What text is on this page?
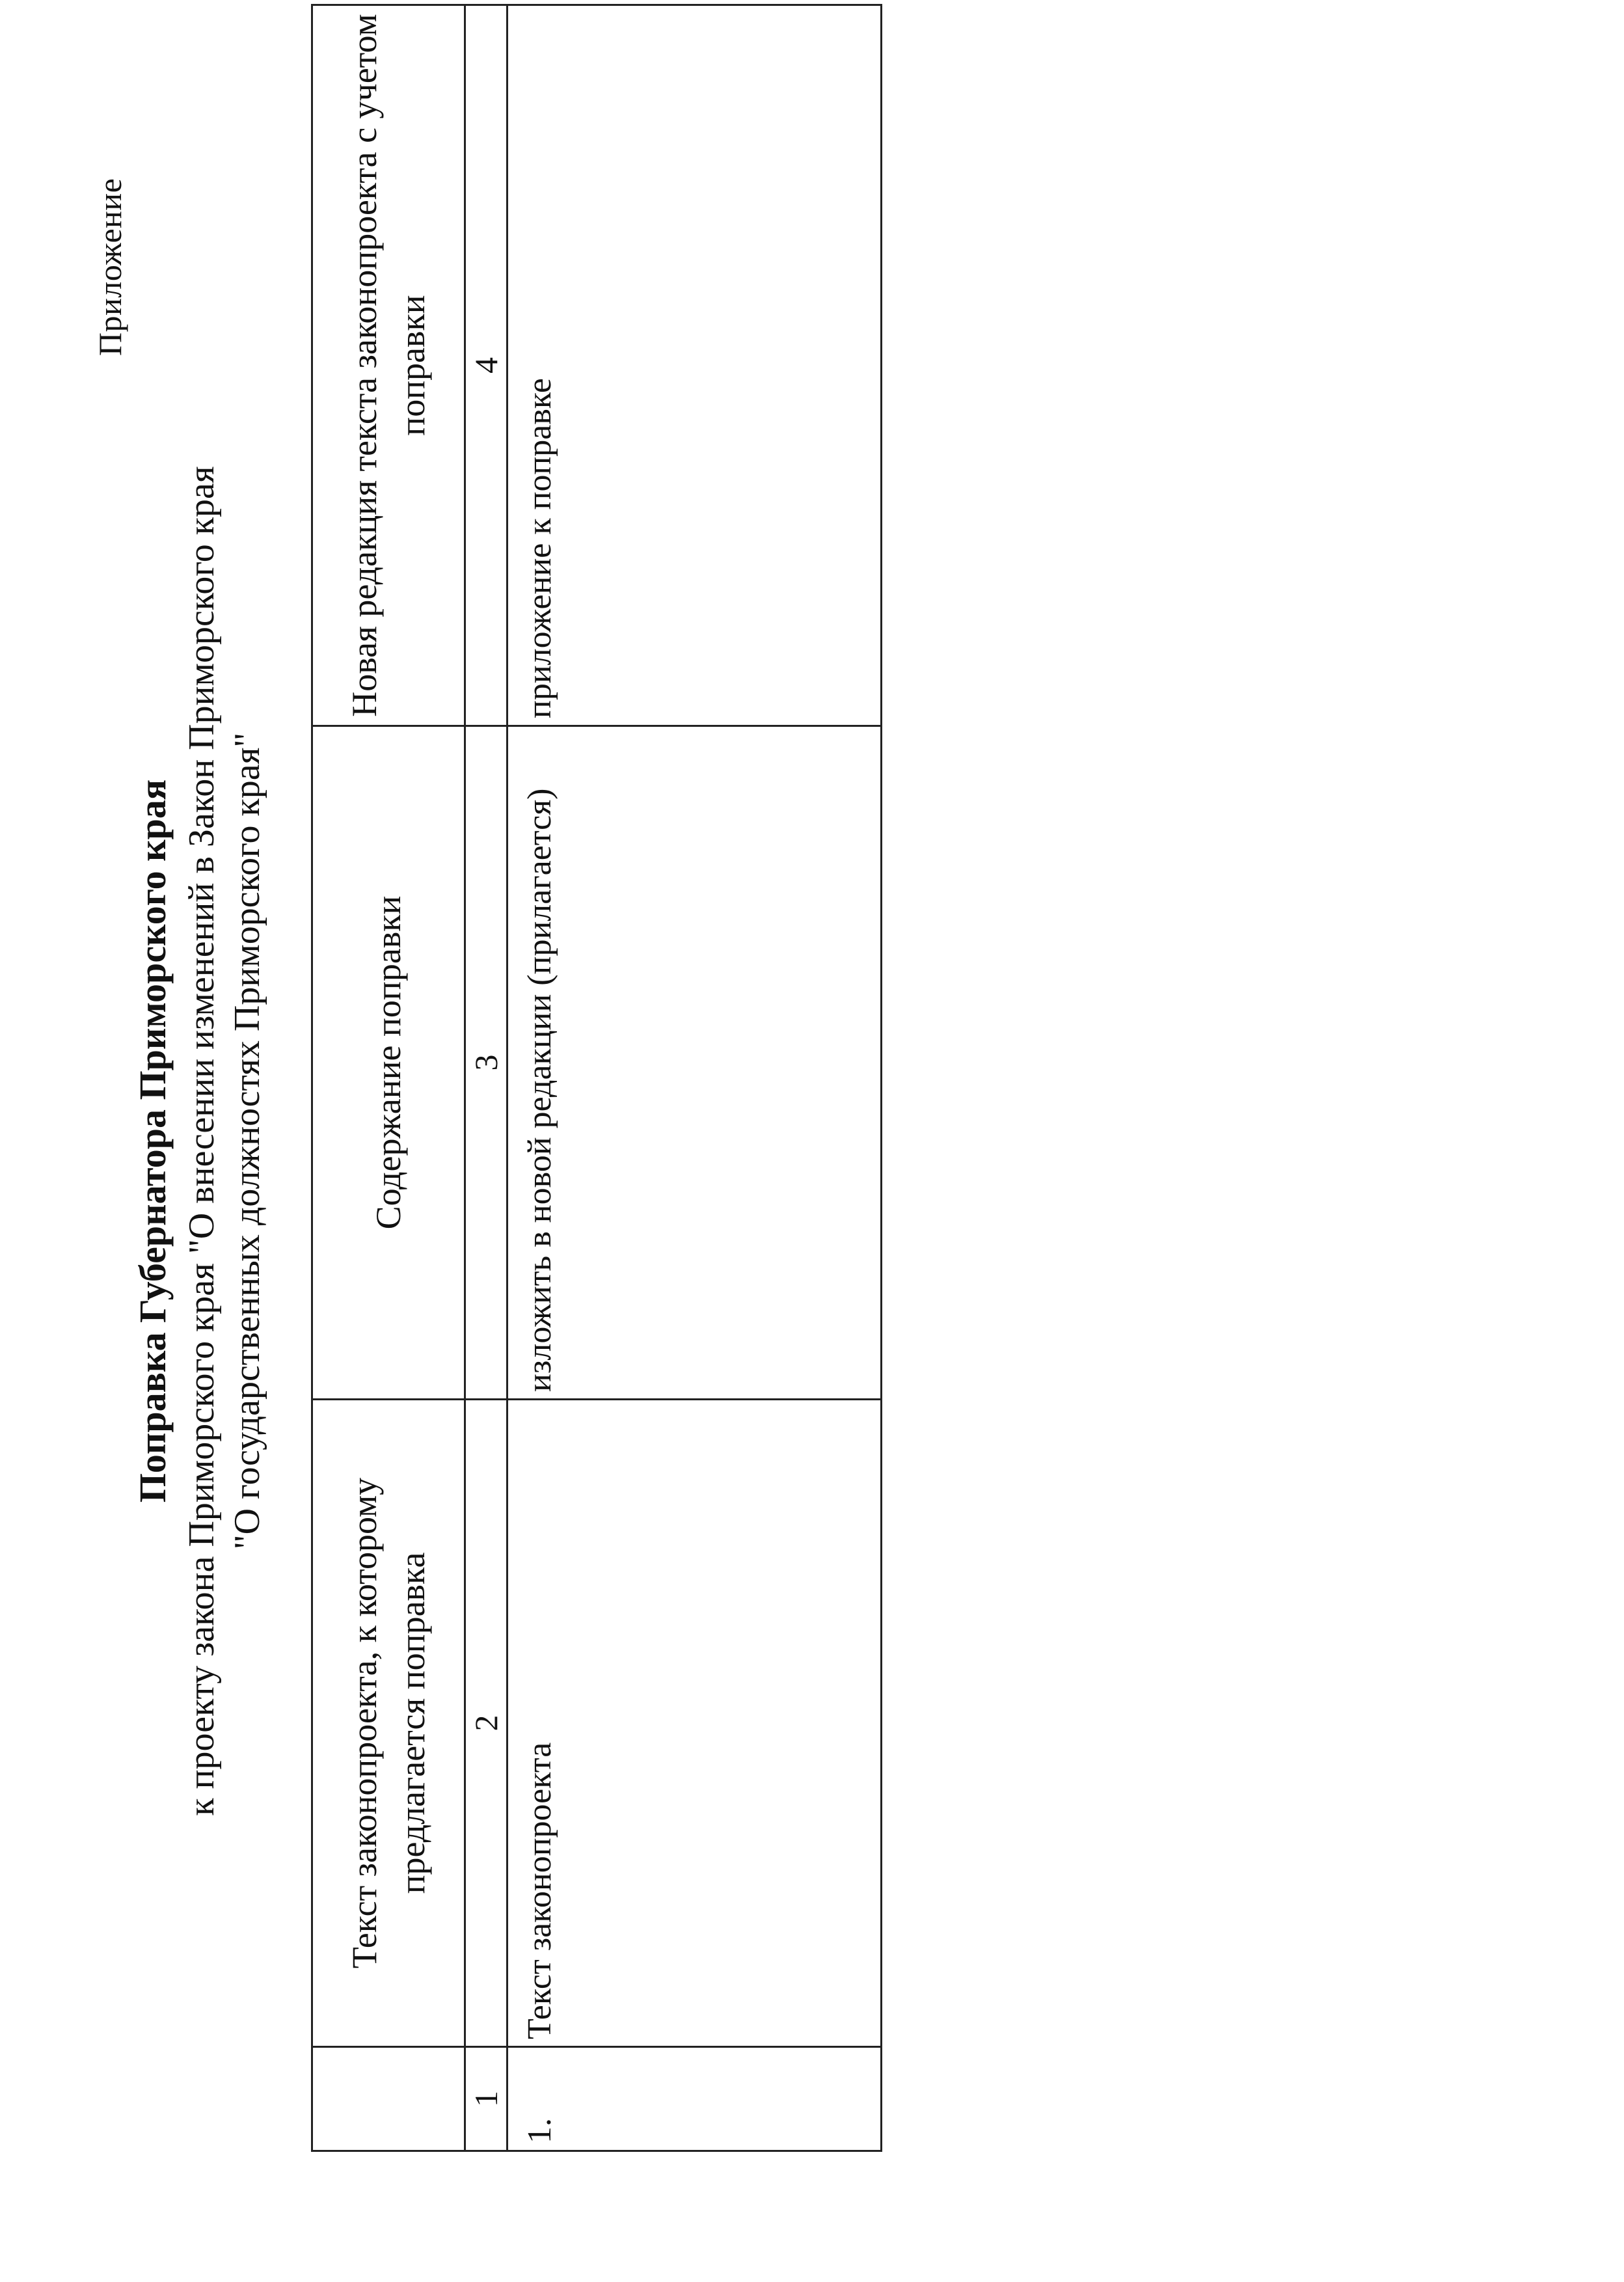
Приложение
Поправка Губернатора Приморского края к проекту закона Приморского края "О внесении изменений в Закон Приморского края "О государственных должностях Приморского края"
	Текст законопроекта, к которому предлагается поправка	Содержание поправки	Новая редакция текста законопроекта с учетом поправки
1	2	3	4
1.	Текст законопроекта	изложить в новой редакции (прилагается)	приложение к поправке
